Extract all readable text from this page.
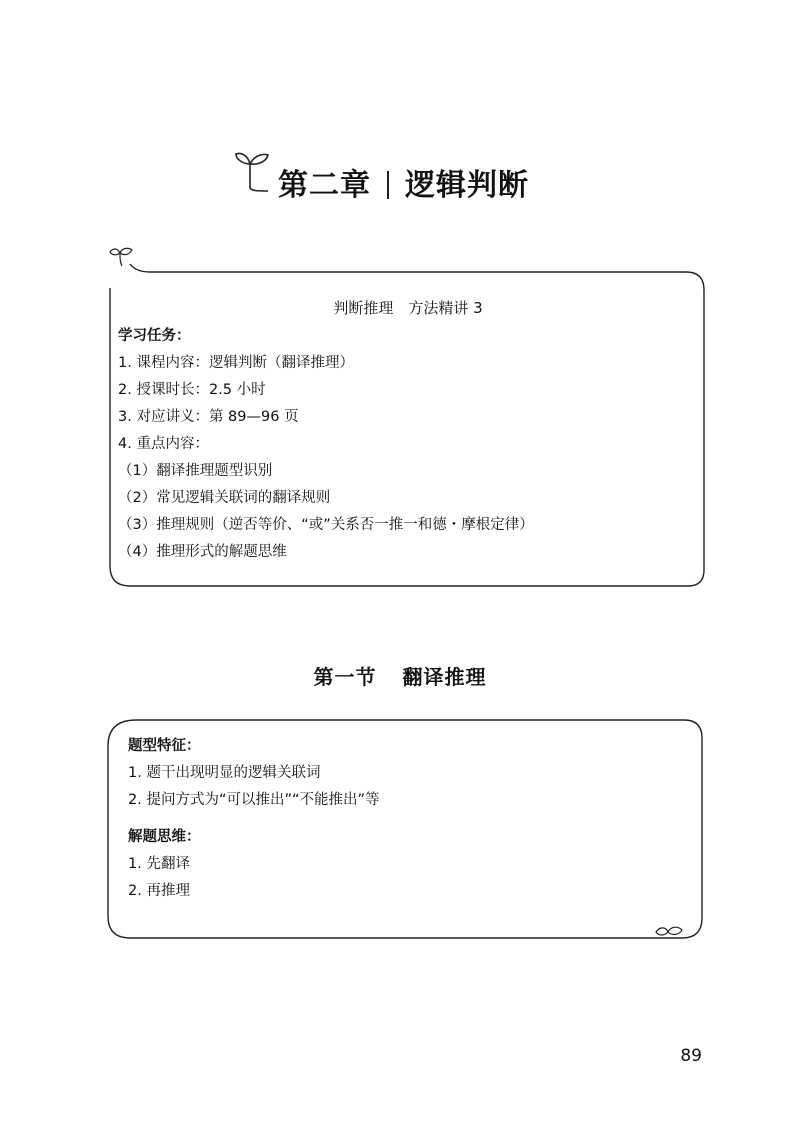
第二章 逻辑判断
判断推理　方法精讲 3
学习任务：
1. 课程内容：逻辑判断（翻译推理）
2. 授课时长：2.5 小时
3. 对应讲义：第 89—96 页
4. 重点内容：
（1）翻译推理题型识别
（2）常见逻辑关联词的翻译规则
（3）推理规则（逆否等价、“或”关系否一推一和德・摩根定律）
（4）推理形式的解题思维
第一节 翻译推理
题型特征：
1. 题干出现明显的逻辑关联词
2. 提问方式为“可以推出”“不能推出”等
解题思维：
1. 先翻译
2. 再推理
89
